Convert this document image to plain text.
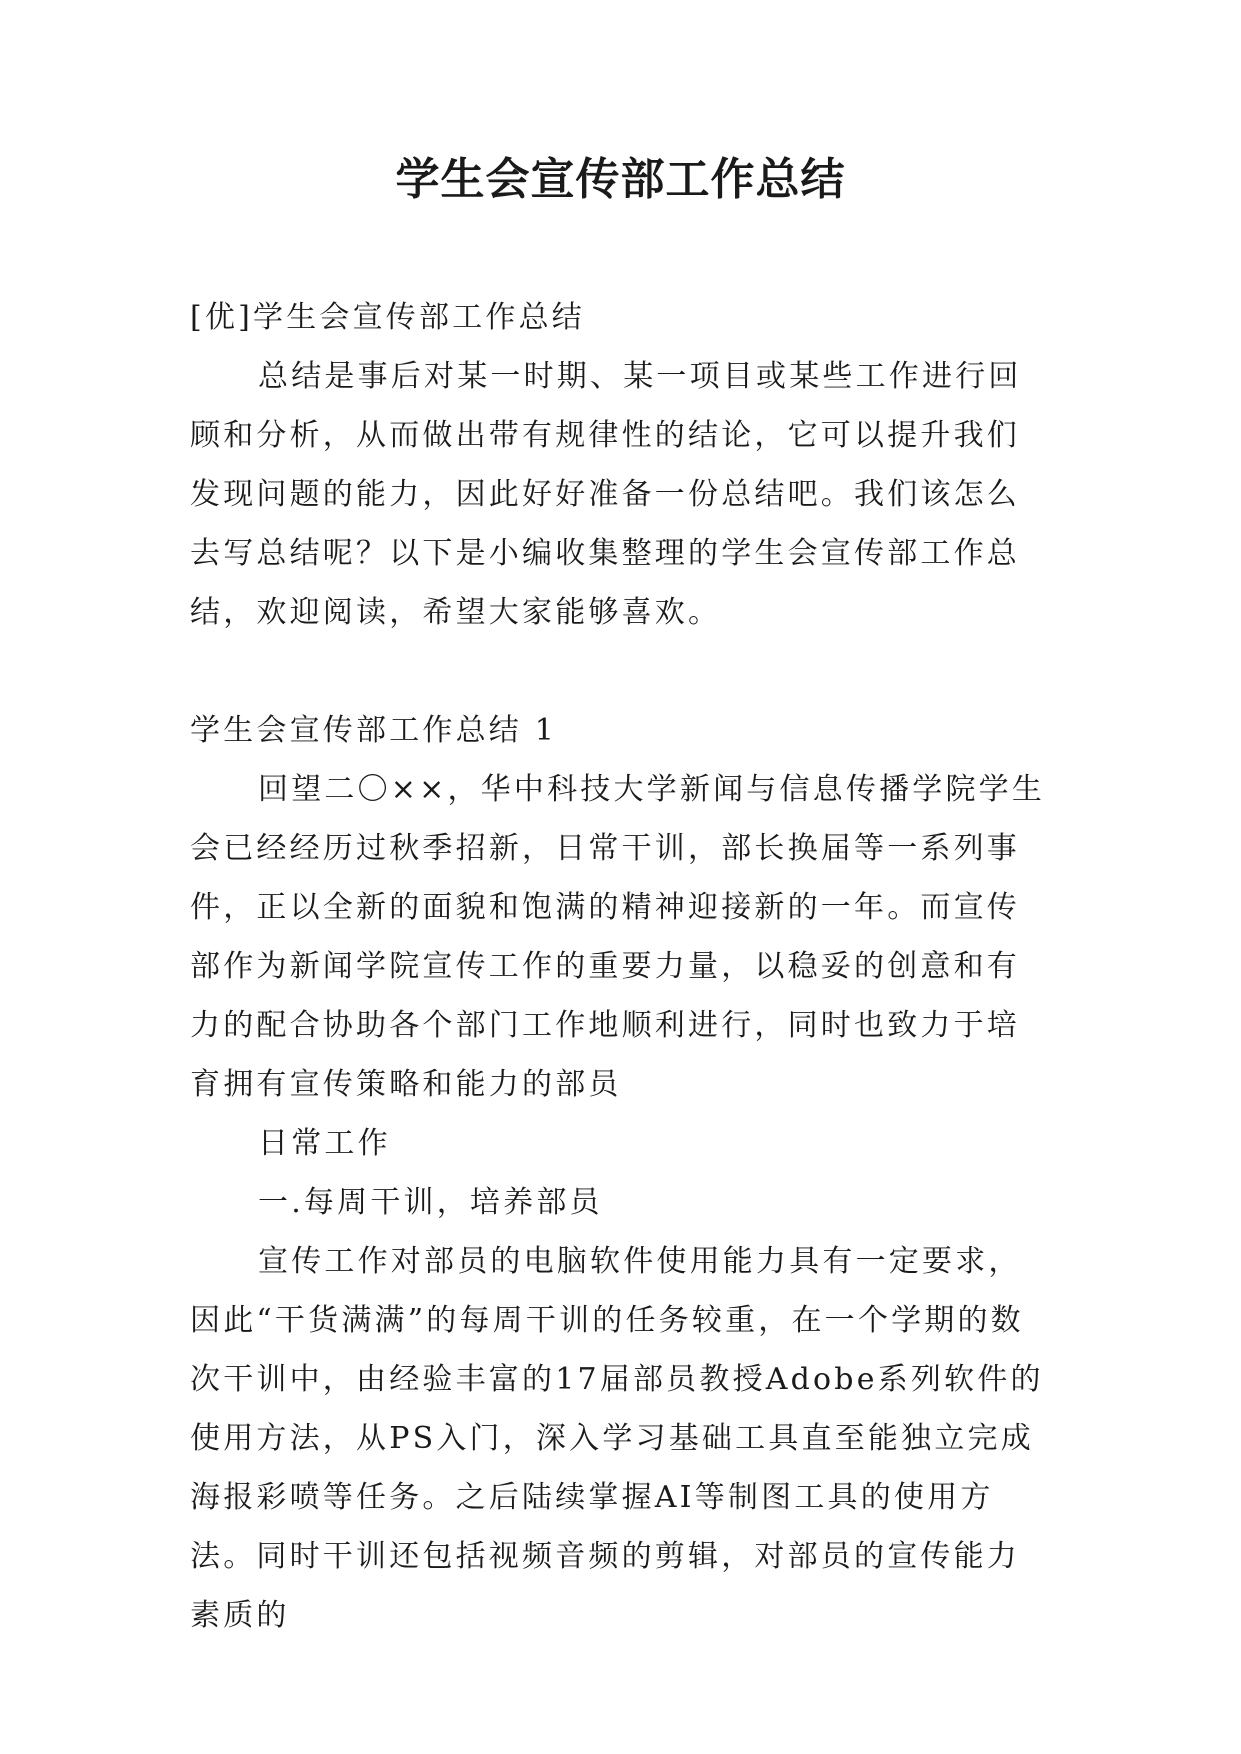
学生会宣传部工作总结

[优]学生会宣传部工作总结

总结是事后对某一时期、某一项目或某些工作进行回顾和分析，从而做出带有规律性的结论，它可以提升我们发现问题的能力，因此好好准备一份总结吧。我们该怎么去写总结呢？以下是小编收集整理的学生会宣传部工作总结，欢迎阅读，希望大家能够喜欢。

学生会宣传部工作总结 1

回望二〇××，华中科技大学新闻与信息传播学院学生会已经经历过秋季招新，日常干训，部长换届等一系列事件，正以全新的面貌和饱满的精神迎接新的一年。而宣传部作为新闻学院宣传工作的重要力量，以稳妥的创意和有力的配合协助各个部门工作地顺利进行，同时也致力于培育拥有宣传策略和能力的部员

日常工作

一.每周干训，培养部员

宣传工作对部员的电脑软件使用能力具有一定要求，因此“干货满满”的每周干训的任务较重，在一个学期的数次干训中，由经验丰富的17届部员教授Adobe系列软件的使用方法，从PS入门，深入学习基础工具直至能独立完成海报彩喷等任务。之后陆续掌握AI等制图工具的使用方法。同时干训还包括视频音频的剪辑，对部员的宣传能力素质的
